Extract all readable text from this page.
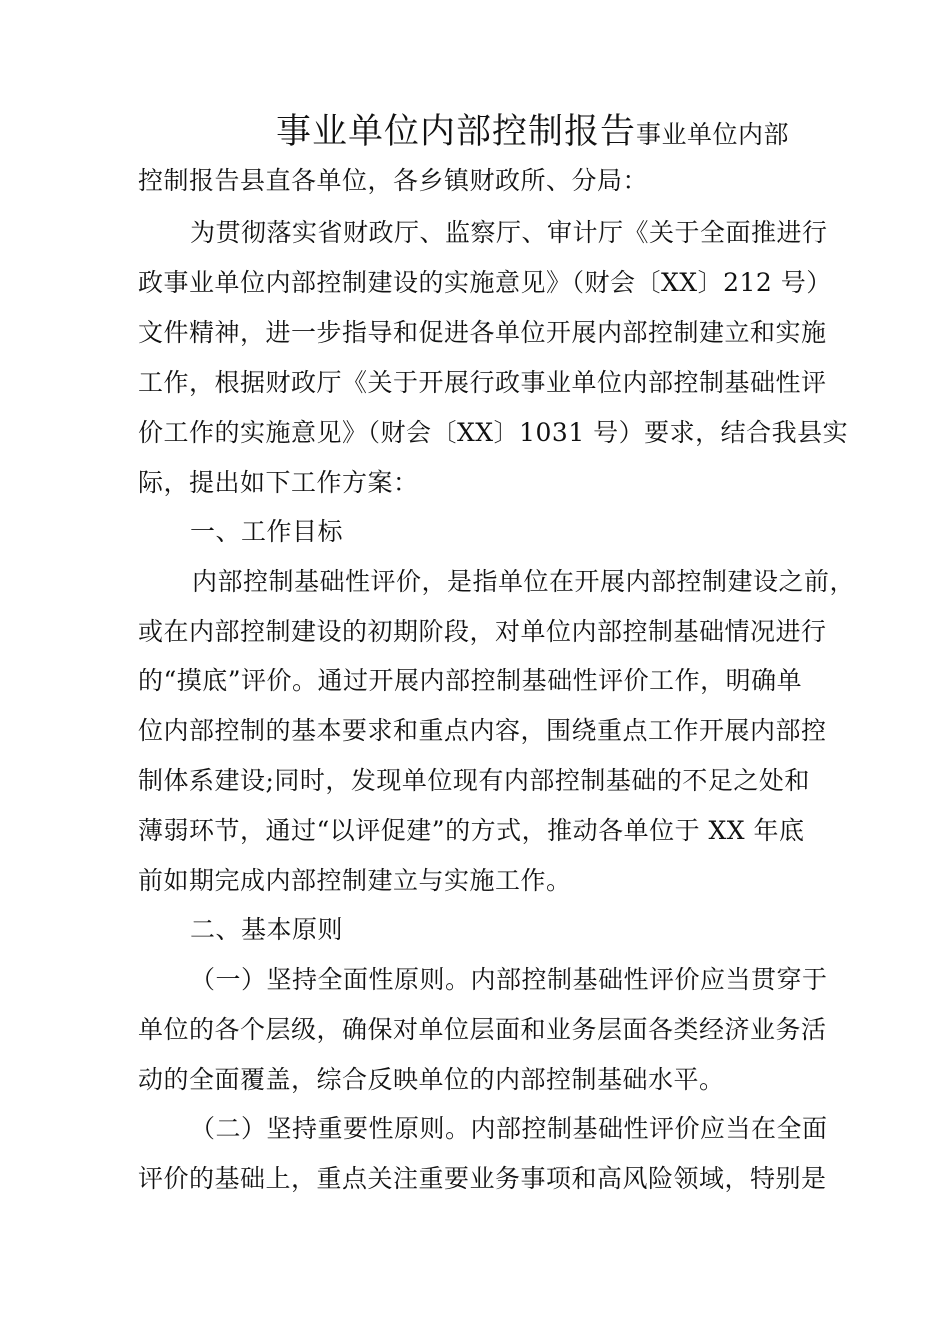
事业单位内部控制报告事业单位内部
控制报告县直各单位，各乡镇财政所、分局：
为贯彻落实省财政厅、监察厅、审计厅《关于全面推进行
政事业单位内部控制建设的实施意见》（财会〔XX〕212 号）
文件精神，进一步指导和促进各单位开展内部控制建立和实施
工作，根据财政厅《关于开展行政事业单位内部控制基础性评
价工作的实施意见》（财会〔XX〕1031 号）要求，结合我县实
际，提出如下工作方案：
一、工作目标
内部控制基础性评价，是指单位在开展内部控制建设之前，
或在内部控制建设的初期阶段，对单位内部控制基础情况进行
的“摸底”评价。通过开展内部控制基础性评价工作，明确单
位内部控制的基本要求和重点内容，围绕重点工作开展内部控
制体系建设;同时，发现单位现有内部控制基础的不足之处和
薄弱环节，通过“以评促建”的方式，推动各单位于 XX 年底
前如期完成内部控制建立与实施工作。
二、基本原则
（一）坚持全面性原则。内部控制基础性评价应当贯穿于
单位的各个层级，确保对单位层面和业务层面各类经济业务活
动的全面覆盖，综合反映单位的内部控制基础水平。
（二）坚持重要性原则。内部控制基础性评价应当在全面
评价的基础上，重点关注重要业务事项和高风险领域，特别是
